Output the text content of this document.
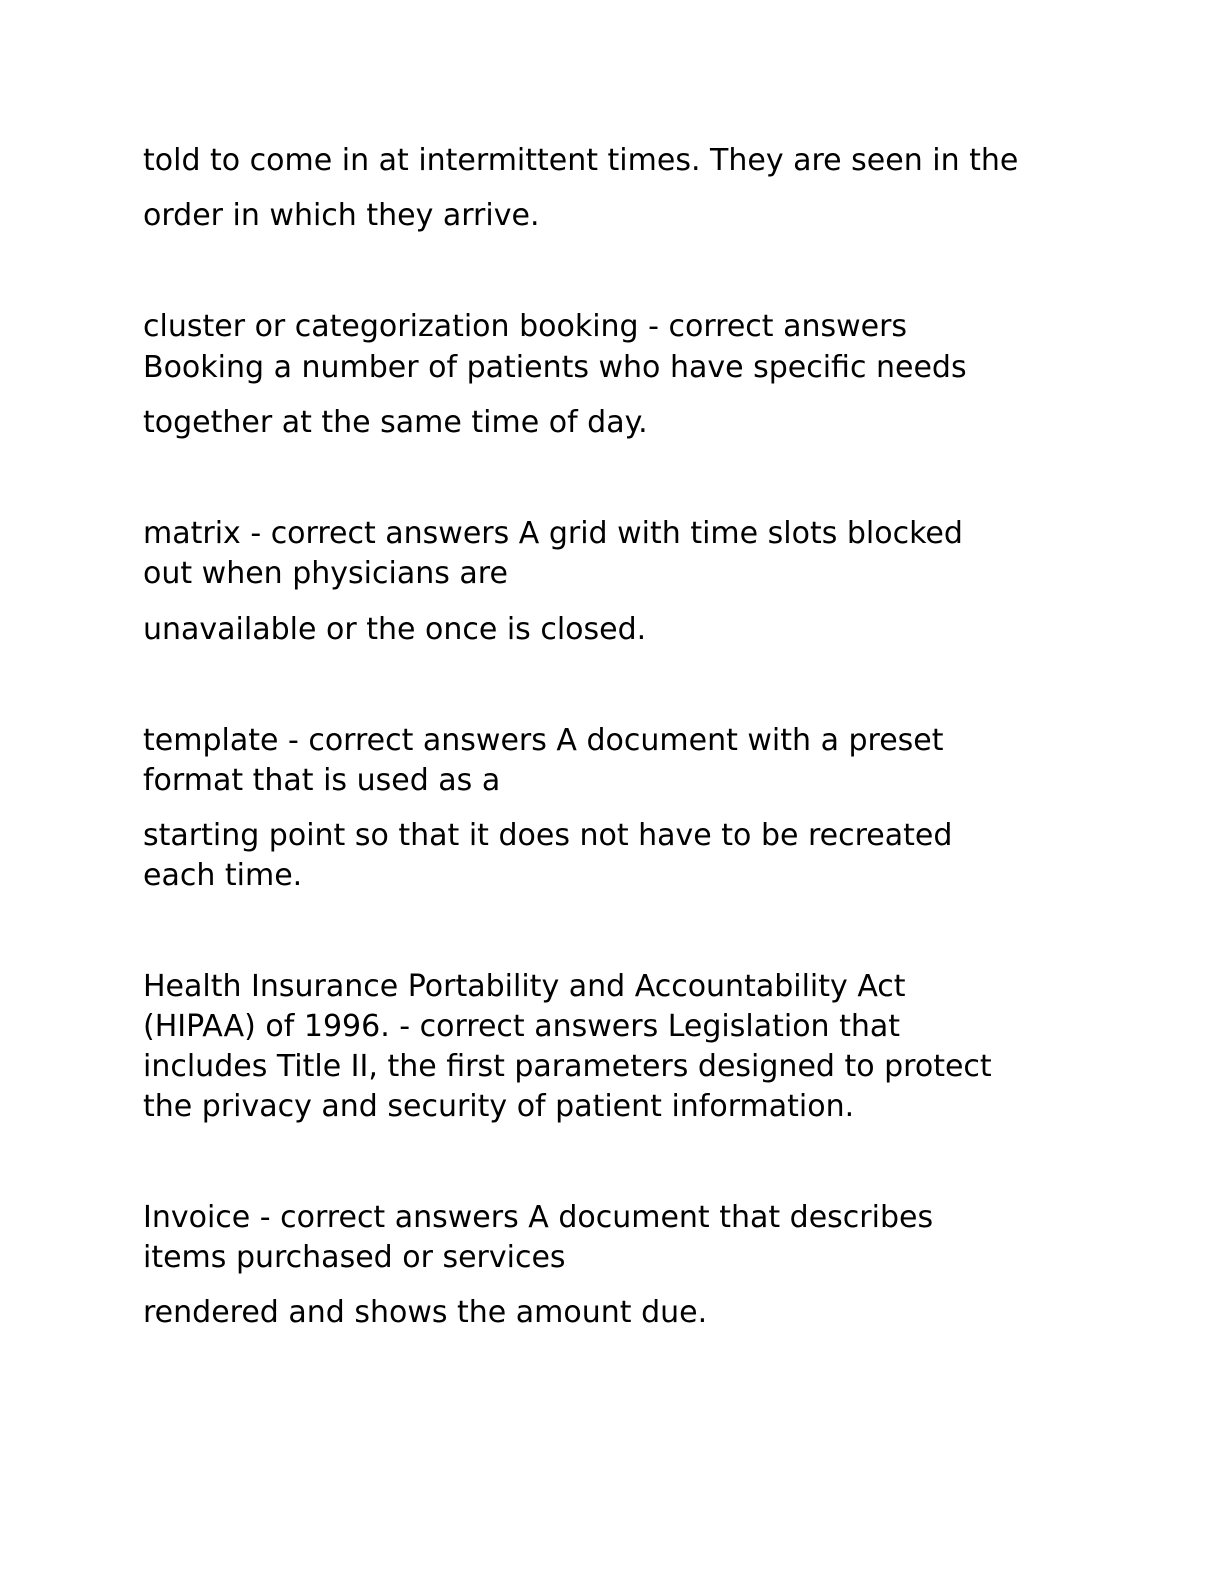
told to come in at intermittent times. They are seen in the

order in which they arrive.

cluster or categorization booking - correct answers

Booking a number of patients who have specific needs

together at the same time of day.

matrix - correct answers A grid with time slots blocked

out when physicians are

unavailable or the once is closed.

template - correct answers A document with a preset

format that is used as a

starting point so that it does not have to be recreated

each time.

Health Insurance Portability and Accountability Act

(HIPAA) of 1996. - correct answers Legislation that

includes Title II, the first parameters designed to protect

the privacy and security of patient information.

Invoice - correct answers A document that describes

items purchased or services

rendered and shows the amount due.
